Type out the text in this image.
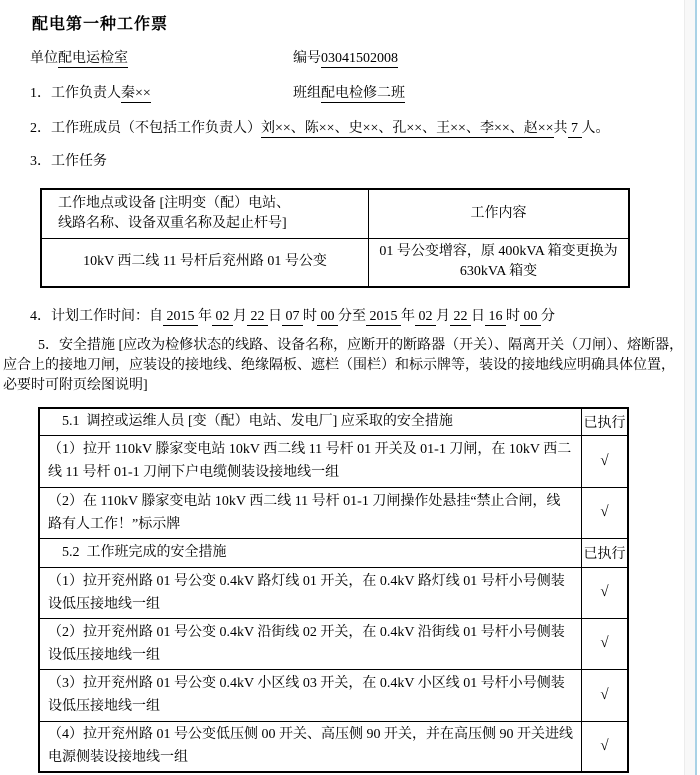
配电第一种工作票
单位配电运检室	编号03041502008
1．工作负责人秦××	班组配电检修二班
2．工作班成员（不包括工作负责人）刘××、陈××、史××、孔××、王××、李××、赵××共 7 人。
3．工作任务
工作地点或设备 [注明变（配）电站、
线路名称、设备双重名称及起止杆号]	工作内容
10kV 西二线 11 号杆后兖州路 01 号公变	01 号公变增容，原 400kVA 箱变更换为
630kVA 箱变
4．计划工作时间：自 2015 年 02 月 22 日 07 时 00 分至 2015 年 02 月 22 日 16 时 00 分
5．安全措施 [应改为检修状态的线路、设备名称，应断开的断路器（开关）、隔离开关（刀闸）、熔断器，应合上的接地刀闸，应装设的接地线、绝缘隔板、遮栏（围栏）和标示牌等，装设的接地线应明确具体位置，必要时可附页绘图说明]
5.1  调控或运维人员 [变（配）电站、发电厂] 应采取的安全措施	已执行
（1）拉开 110kV 滕家变电站 10kV 西二线 11 号杆 01 开关及 01-1 刀闸，在 10kV 西二线 11 号杆 01-1 刀闸下户电缆侧装设接地线一组	√
（2）在 110kV 滕家变电站 10kV 西二线 11 号杆 01-1 刀闸操作处悬挂“禁止合闸，线路有人工作！”标示牌	√
5.2  工作班完成的安全措施	已执行
（1）拉开兖州路 01 号公变 0.4kV 路灯线 01 开关，在 0.4kV 路灯线 01 号杆小号侧装设低压接地线一组	√
（2）拉开兖州路 01 号公变 0.4kV 沿街线 02 开关，在 0.4kV 沿街线 01 号杆小号侧装设低压接地线一组	√
（3）拉开兖州路 01 号公变 0.4kV 小区线 03 开关，在 0.4kV 小区线 01 号杆小号侧装设低压接地线一组	√
（4）拉开兖州路 01 号公变低压侧 00 开关、高压侧 90 开关，并在高压侧 90 开关进线电源侧装设接地线一组	√
